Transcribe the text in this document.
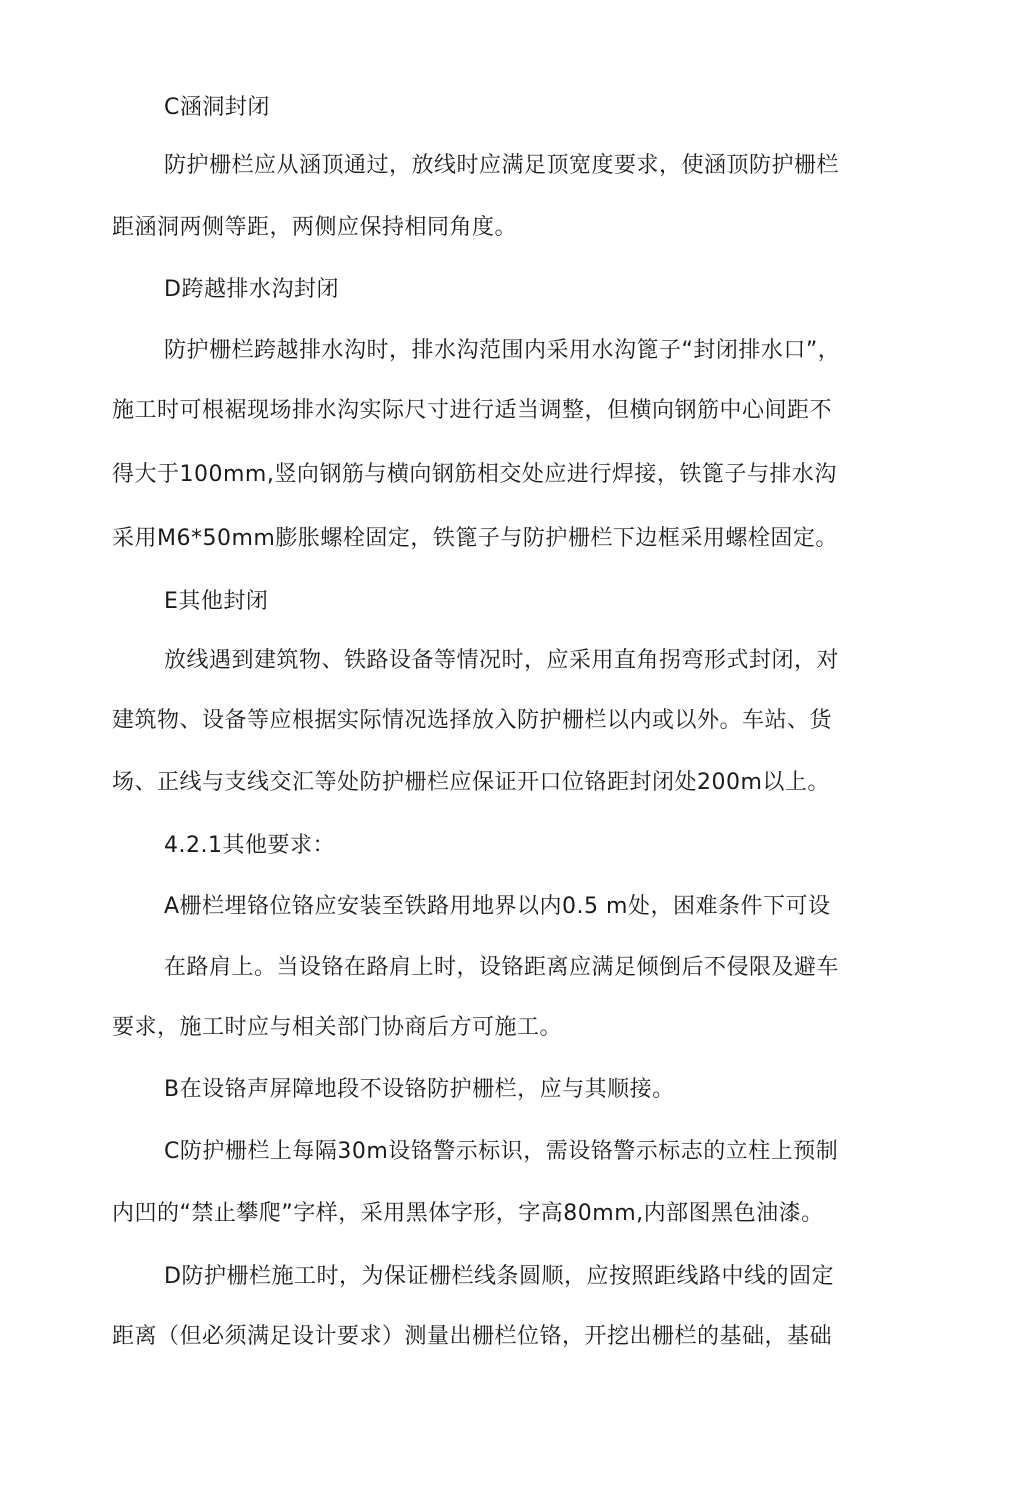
C涵洞封闭
防护栅栏应从涵顶通过，放线时应满足顶宽度要求，使涵顶防护栅栏
距涵洞两侧等距，两侧应保持相同角度。
D跨越排水沟封闭
防护栅栏跨越排水沟时，排水沟范围内采用水沟篦子“封闭排水口”，
施工时可根裾现场排水沟实际尺寸进行适当调整，但横向钢筋中心间距不
得大于100mm,竖向钢筋与横向钢筋相交处应进行焊接，铁篦子与排水沟
采用M6*50mm膨胀螺栓固定，铁篦子与防护栅栏下边框采用螺栓固定。
E其他封闭
放线遇到建筑物、铁路设备等情况时，应采用直角拐弯形式封闭，对
建筑物、设备等应根据实际情况选择放入防护栅栏以内或以外。车站、货
场、正线与支线交汇等处防护栅栏应保证开口位铬距封闭处200m以上。
4.2.1其他要求：
A栅栏埋铬位铬应安装至铁路用地界以内0.5 m处，困难条件下可设
在路肩上。当设铬在路肩上时，设铬距离应满足倾倒后不侵限及避车
要求，施工时应与相关部门协商后方可施工。
B在设铬声屏障地段不设铬防护栅栏，应与其顺接。
C防护栅栏上每隔30m设铬警示标识，需设铬警示标志的立柱上预制
内凹的“禁止攀爬”字样，采用黑体字形，字高80mm,内部图黑色油漆。
D防护栅栏施工时，为保证栅栏线条圆顺，应按照距线路中线的固定
距离（但必须满足设计要求）测量出栅栏位铬，开挖出栅栏的基础，基础
